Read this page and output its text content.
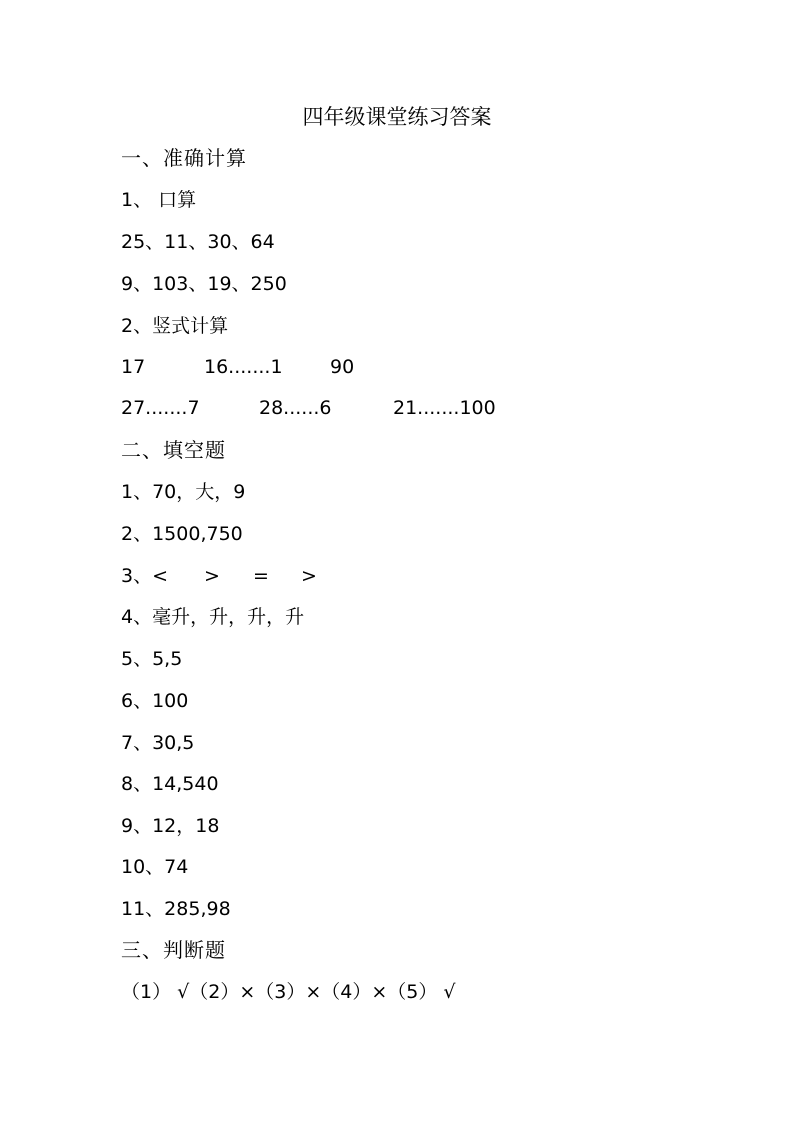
四年级课堂练习答案
一、准确计算
1、 口算
25、11、30、64
9、103、19、250
2、竖式计算
17	16.......1 90
27.......7	28......6	21.......100
二、填空题
1、70，大，9
2、1500,750
3、< > = >
4、毫升，升，升，升
5、5,5
6、100
7、30,5
8、14,540
9、12，18
10、74
11、285,98
三、判断题
（1） √（2）×（3）×（4）×（5） √
